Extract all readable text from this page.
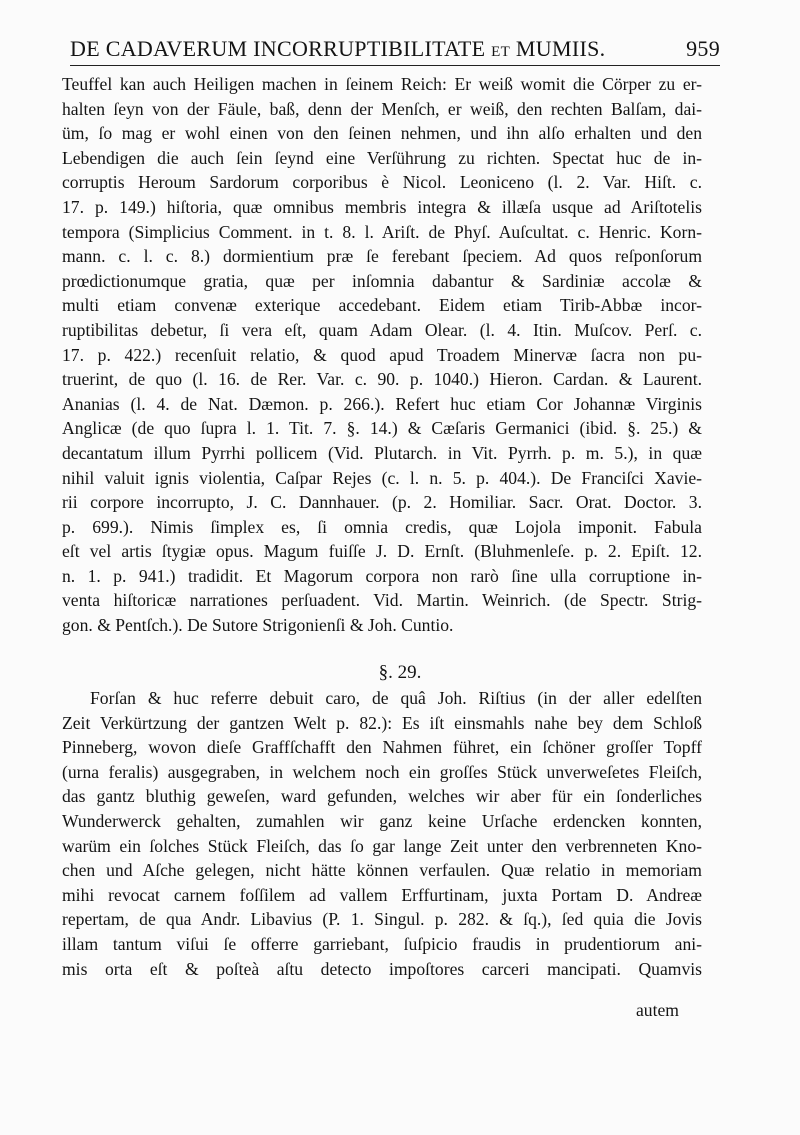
DE CADAVERUM INCORRUPTIBILITATE ET MUMIIS.	959
Teuffel kan auch Heiligen machen in ſeinem Reich: Er weiß womit die Cörper zu er-
halten ſeyn von der Fäule, baß, denn der Menſch, er weiß, den rechten Balſam, dai-
üm, ſo mag er wohl einen von den ſeinen nehmen, und ihn alſo erhalten und den
Lebendigen die auch ſein ſeynd eine Verſührung zu richten. Spectat huc de in-
corruptis Heroum Sardorum corporibus è Nicol. Leoniceno (l. 2. Var. Hiſt. c.
17. p. 149.) hiſtoria, quæ omnibus membris integra & illæſa usque ad Ariſtotelis
tempora (Simplicius Comment. in t. 8. l. Ariſt. de Phyſ. Auſcultat. c. Henric. Korn-
mann. c. l. c. 8.) dormientium præ ſe ferebant ſpeciem. Ad quos reſponſorum
prœdictionumque gratia, quæ per inſomnia dabantur & Sardiniæ accolæ &
multi etiam convenæ exterique accedebant. Eidem etiam Tirib-Abbæ incor-
ruptibilitas debetur, ſi vera eſt, quam Adam Olear. (l. 4. Itin. Muſcov. Perſ. c.
17. p. 422.) recenſuit relatio, & quod apud Troadem Minervæ ſacra non pu-
truerint, de quo (l. 16. de Rer. Var. c. 90. p. 1040.) Hieron. Cardan. & Laurent.
Ananias (l. 4. de Nat. Dæmon. p. 266.). Refert huc etiam Cor Johannæ Virginis
Anglicæ (de quo ſupra l. 1. Tit. 7. §. 14.) & Cæſaris Germanici (ibid. §. 25.) &
decantatum illum Pyrrhi pollicem (Vid. Plutarch. in Vit. Pyrrh. p. m. 5.), in quæ
nihil valuit ignis violentia, Caſpar Rejes (c. l. n. 5. p. 404.). De Franciſci Xavie-
rii corpore incorrupto, J. C. Dannhauer. (p. 2. Homiliar. Sacr. Orat. Doctor. 3.
p. 699.). Nimis ſimplex es, ſi omnia credis, quæ Lojola imponit. Fabula
eſt vel artis ſtygiæ opus. Magum fuiſſe J. D. Ernſt. (Bluhmenleſe. p. 2. Epiſt. 12.
n. 1. p. 941.) tradidit. Et Magorum corpora non rarò ſine ulla corruptione in-
venta hiſtoricæ narrationes perſuadent. Vid. Martin. Weinrich. (de Spectr. Strig-
gon. & Pentſch.). De Sutore Strigonienſi & Joh. Cuntio.
§. 29.
Forſan & huc referre debuit caro, de quâ Joh. Riſtius (in der aller edelſten
Zeit Verkürtzung der gantzen Welt p. 82.): Es iſt einsmahls nahe bey dem Schloß
Pinneberg, wovon dieſe Graffſchafft den Nahmen führet, ein ſchöner groſſer Topff
(urna feralis) ausgegraben, in welchem noch ein groſſes Stück unverweſetes Fleiſch,
das gantz bluthig geweſen, ward gefunden, welches wir aber für ein ſonderliches
Wunderwerck gehalten, zumahlen wir ganz keine Urſache erdencken konnten,
warüm ein ſolches Stück Fleiſch, das ſo gar lange Zeit unter den verbrenneten Kno-
chen und Aſche gelegen, nicht hätte können verfaulen. Quæ relatio in memoriam
mihi revocat carnem foſſilem ad vallem Erffurtinam, juxta Portam D. Andreæ
repertam, de qua Andr. Libavius (P. 1. Singul. p. 282. & ſq.), ſed quia die Jovis
illam tantum viſui ſe offerre garriebant, ſuſpicio fraudis in prudentiorum ani-
mis orta eſt & poſteà aſtu detecto impoſtores carceri mancipati. Quamvis
autem
